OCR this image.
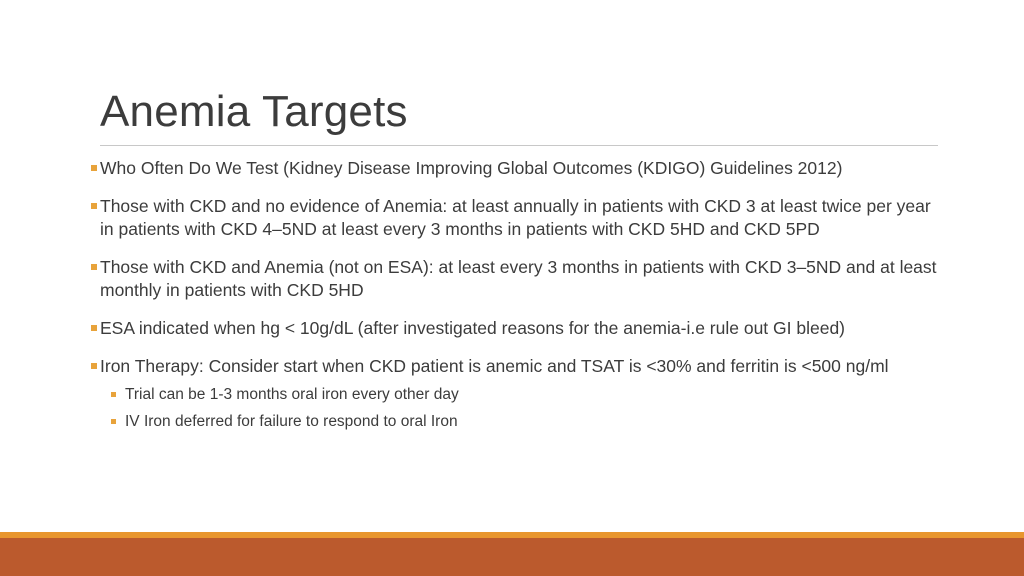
Anemia Targets
Who Often Do We Test (Kidney Disease Improving Global Outcomes (KDIGO) Guidelines 2012)
Those with CKD and no evidence of Anemia: at least annually in patients with CKD 3 at least twice per year in patients with CKD 4–5ND at least every 3 months in patients with CKD 5HD and CKD 5PD
Those with CKD and Anemia (not on ESA): at least every 3 months in patients with CKD 3–5ND and at least monthly in patients with CKD 5HD
ESA indicated when hg < 10g/dL (after investigated reasons for the anemia-i.e rule out GI bleed)
Iron Therapy: Consider start when CKD patient is anemic and TSAT is <30% and ferritin is <500 ng/ml
Trial can be 1-3 months oral iron every other day
IV Iron deferred for failure to respond to oral Iron
